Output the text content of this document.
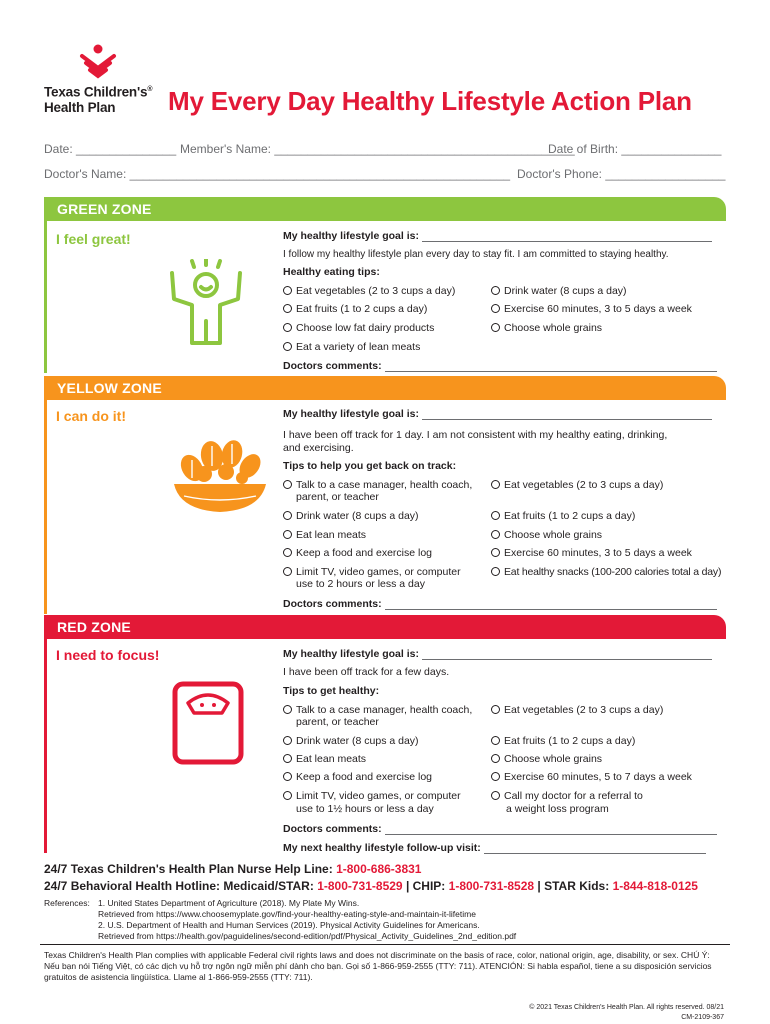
Texas Children's®
Health Plan	My Every Day Healthy Lifestyle Action Plan
Date: _______________ Member's Name: _____________________________________________
Date of Birth: _______________
Doctor's Name: _________________________________________________________ Doctor's Phone: __________________
GREEN ZONE
I feel great!	My healthy lifestyle goal is:
I follow my healthy lifestyle plan every day to stay fit. I am committed to staying healthy.
Healthy eating tips:
Eat vegetables (2 to 3 cups a day)
Eat fruits (1 to 2 cups a day)
Choose low fat dairy products
Eat a variety of lean meats
Drink water (8 cups a day)
Exercise 60 minutes, 3 to 5 days a week
Choose whole grains
Doctors comments:
YELLOW ZONE
I can do it!	My healthy lifestyle goal is:
I have been off track for 1 day. I am not consistent with my healthy eating, drinking,
and exercising.
Tips to help you get back on track:
Talk to a case manager, health coach,
parent, or teacher
Drink water (8 cups a day)
Eat lean meats
Keep a food and exercise log
Limit TV, video games, or computer
use to 2 hours or less a day
Eat vegetables (2 to 3 cups a day)
Eat fruits (1 to 2 cups a day)
Choose whole grains
Exercise 60 minutes, 3 to 5 days a week
Eat healthy snacks (100-200 calories total a day)
Doctors comments:
RED ZONE
I need to focus!	My healthy lifestyle goal is:
I have been off track for a few days.
Tips to get healthy:
Talk to a case manager, health coach,
parent, or teacher
Drink water (8 cups a day)
Eat lean meats
Keep a food and exercise log
Limit TV, video games, or computer
use to 1½ hours or less a day
Eat vegetables (2 to 3 cups a day)
Eat fruits (1 to 2 cups a day)
Choose whole grains
Exercise 60 minutes, 5 to 7 days a week
Call my doctor for a referral to
a weight loss program
Doctors comments:
My next healthy lifestyle follow-up visit:
24/7 Texas Children's Health Plan Nurse Help Line: 1-800-686-3831
24/7 Behavioral Health Hotline: Medicaid/STAR: 1-800-731-8529 | CHIP: 1-800-731-8528 | STAR Kids: 1-844-818-0125
References: 1. United States Department of Agriculture (2018). My Plate My Wins.
Retrieved from https://www.choosemyplate.gov/find-your-healthy-eating-style-and-maintain-it-lifetime
2. U.S. Department of Health and Human Services (2019). Physical Activity Guidelines for Americans.
Retrieved from https://health.gov/paguidelines/second-edition/pdf/Physical_Activity_Guidelines_2nd_edition.pdf
Texas Children's Health Plan complies with applicable Federal civil rights laws and does not discriminate on the basis of race, color, national origin, age, disability, or sex. CHÚ Ý: Nếu bạn nói Tiếng Việt, có các dịch vụ hỗ trợ ngôn ngữ miễn phí dành cho bạn. Gọi số 1-866-959-2555 (TTY: 711). ATENCIÓN: Si habla español, tiene a su disposición servicios gratuitos de asistencia lingüística. Llame al 1-866-959-2555 (TTY: 711).
© 2021 Texas Children's Health Plan. All rights reserved. 08/21
CM-2109-367
